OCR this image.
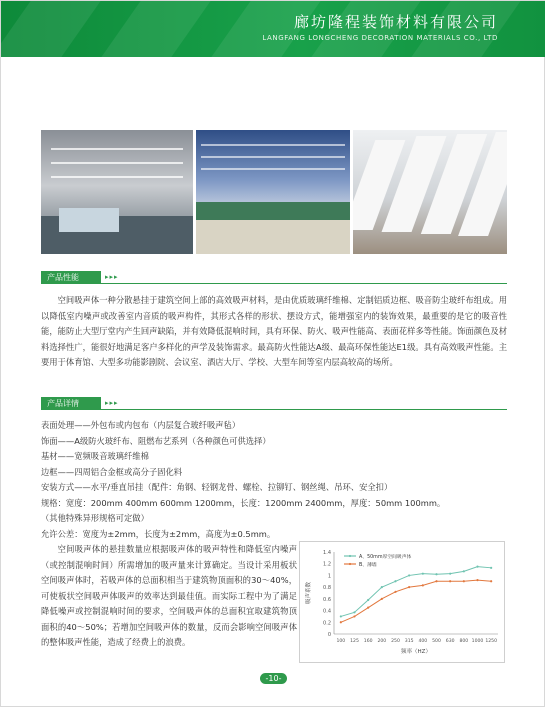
廊坊隆程装饰材料有限公司
LANGFANG LONGCHENG DECORATION MATERIALS CO., LTD
产品性能	▸▸▸

空间吸声体一种分散悬挂于建筑空间上部的高效吸声材料，是由优质玻璃纤维棉、定制铝质边框、吸音防尘玻纤布组成。用以降低室内噪声或改善室内音质的吸声构件，其形式各样的形状、摆设方式，能增强室内的装饰效果，最重要的是它的吸音性能，能防止大型厅堂内产生回声缺陷，并有效降低混响时间，具有环保、防火、吸声性能高、表面花样多等性能。饰面颜色及材料选择性广，能很好地满足客户多样化的声学及装饰需求。最高防火性能达A级、最高环保性能达E1级。具有高效吸声性能。主要用于体育馆、大型多功能影剧院、会议室、酒店大厅、学校、大型车间等室内层高较高的场所。

产品详情	▸▸▸
表面处理——外包布或内包布（内层复合玻纤吸声毡）
饰面——A级防火玻纤布、阻燃布艺系列（各种颜色可供选择）
基材——宽频吸音玻璃纤维棉
边框——四周铝合金框或高分子固化料
安装方式——水平/垂直吊挂（配件：角钢、轻钢龙骨、螺栓、拉铆钉、钢丝绳、吊环、安全扣）
规格：宽度：200mm 400mm 600mm 1200mm，长度：1200mm 2400mm，厚度：50mm 100mm。
（其他特殊异形规格可定做）
允许公差：宽度为±2mm，长度为±2mm，高度为±0.5mm。

空间吸声体的悬挂数量应根据吸声体的吸声特性和降低室内噪声（或控制混响时间）所需增加的吸声量来计算确定。当设计采用板状空间吸声体时，若吸声体的总面积相当于建筑物顶面积的30～40%，可使板状空间吸声体吸声的效率达到最佳值。而实际工程中为了满足降低噪声或控制混响时间的要求，空间吸声体的总面积宜取建筑物顶面积的40～50%；若增加空间吸声体的数量，反而会影响空间吸声体的整体吸声性能，造成了经费上的浪费。

0
0.2
0.4
0.6
0.8
1
1.2
1.4
100 125 160 200 250 315 400 500 630 800 1000 1250
频率（HZ）
吸声系数
A、50mm厚空间吸声体
B、薄墙
-10-
